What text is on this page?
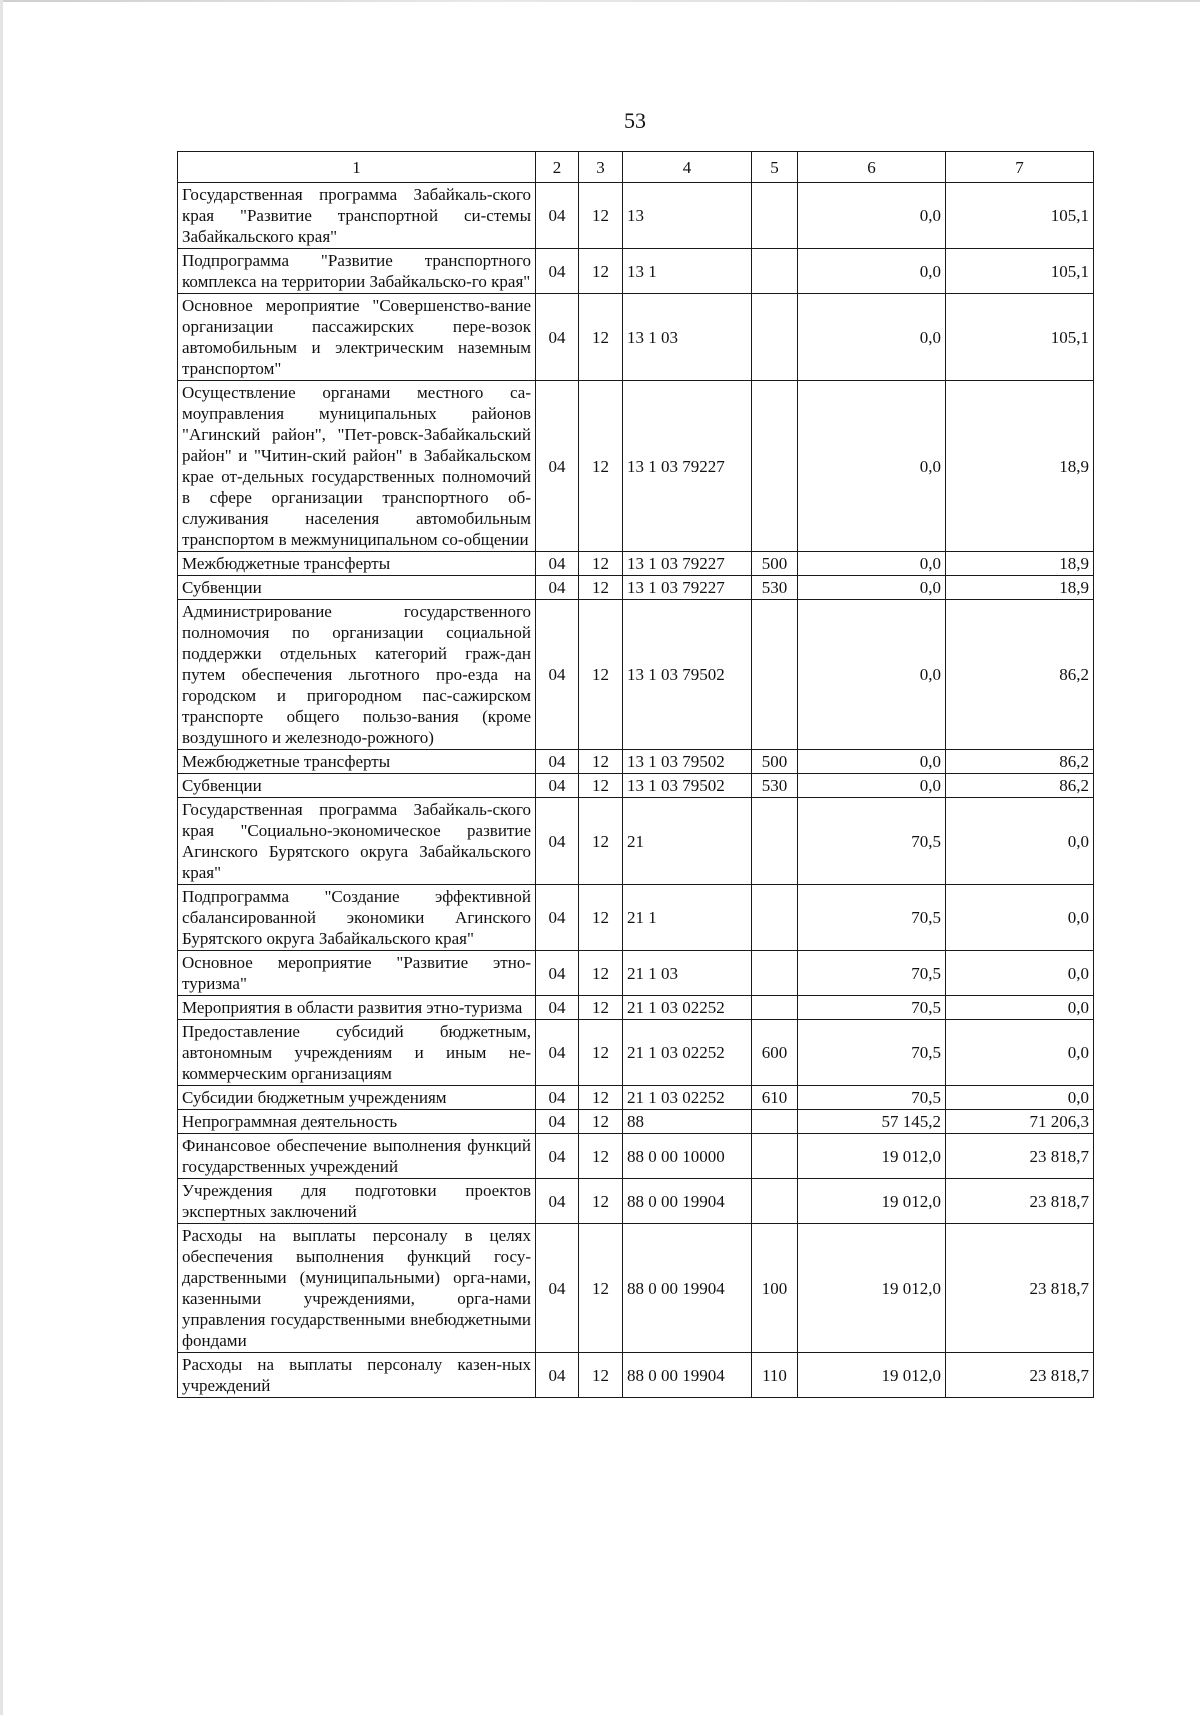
53
1	2	3	4	5	6	7
Государственная программа Забайкаль-ского края "Развитие транспортной си-стемы Забайкальского края"	04	12	13		0,0	105,1
Подпрограмма "Развитие транспортного комплекса на территории Забайкальско-го края"	04	12	13 1		0,0	105,1
Основное мероприятие "Совершенство-вание организации пассажирских пере-возок автомобильным и электрическим наземным транспортом"	04	12	13 1 03		0,0	105,1
Осуществление органами местного са-моуправления муниципальных районов "Агинский район", "Пет-ровск-Забайкальский район" и "Читин-ский район" в Забайкальском крае от-дельных государственных полномочий в сфере организации транспортного об-служивания населения автомобильным транспортом в межмуниципальном со-общении	04	12	13 1 03 79227		0,0	18,9
Межбюджетные трансферты	04	12	13 1 03 79227	500	0,0	18,9
Субвенции	04	12	13 1 03 79227	530	0,0	18,9
Администрирование государственного полномочия по организации социальной поддержки отдельных категорий граж-дан путем обеспечения льготного про-езда на городском и пригородном пас-сажирском транспорте общего пользо-вания (кроме воздушного и железнодо-рожного)	04	12	13 1 03 79502		0,0	86,2
Межбюджетные трансферты	04	12	13 1 03 79502	500	0,0	86,2
Субвенции	04	12	13 1 03 79502	530	0,0	86,2
Государственная программа Забайкаль-ского края "Социально-экономическое развитие Агинского Бурятского округа Забайкальского края"	04	12	21		70,5	0,0
Подпрограмма "Создание эффективной сбалансированной экономики Агинского Бурятского округа Забайкальского края"	04	12	21 1		70,5	0,0
Основное мероприятие "Развитие этно-туризма"	04	12	21 1 03		70,5	0,0
Мероприятия в области развития этно-туризма	04	12	21 1 03 02252		70,5	0,0
Предоставление субсидий бюджетным, автономным учреждениям и иным не-коммерческим организациям	04	12	21 1 03 02252	600	70,5	0,0
Субсидии бюджетным учреждениям	04	12	21 1 03 02252	610	70,5	0,0
Непрограммная деятельность	04	12	88		57 145,2	71 206,3
Финансовое обеспечение выполнения функций государственных учреждений	04	12	88 0 00 10000		19 012,0	23 818,7
Учреждения для подготовки проектов экспертных заключений	04	12	88 0 00 19904		19 012,0	23 818,7
Расходы на выплаты персоналу в целях обеспечения выполнения функций госу-дарственными (муниципальными) орга-нами, казенными учреждениями, орга-нами управления государственными внебюджетными фондами	04	12	88 0 00 19904	100	19 012,0	23 818,7
Расходы на выплаты персоналу казен-ных учреждений	04	12	88 0 00 19904	110	19 012,0	23 818,7
